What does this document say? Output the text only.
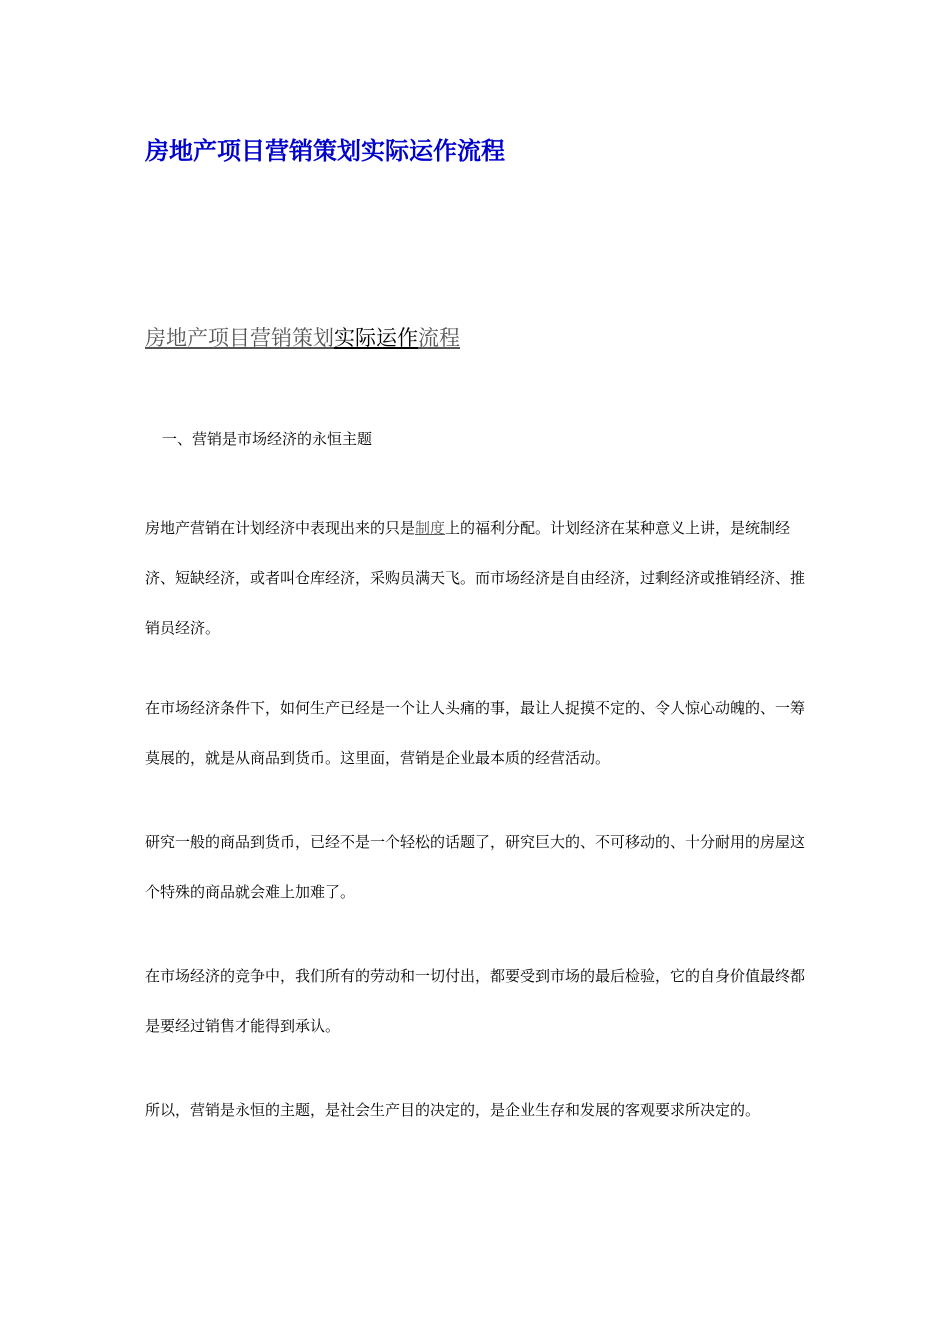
房地产项目营销策划实际运作流程
房地产项目营销策划实际运作流程

一、营销是市场经济的永恒主题

房地产营销在计划经济中表现出来的只是制度上的福利分配。计划经济在某种意义上讲，是统制经济、短缺经济，或者叫仓库经济，采购员满天飞。而市场经济是自由经济，过剩经济或推销经济、推销员经济。

在市场经济条件下，如何生产已经是一个让人头痛的事，最让人捉摸不定的、令人惊心动魄的、一筹莫展的，就是从商品到货币。这里面，营销是企业最本质的经营活动。

研究一般的商品到货币，已经不是一个轻松的话题了，研究巨大的、不可移动的、十分耐用的房屋这个特殊的商品就会难上加难了。

在市场经济的竞争中，我们所有的劳动和一切付出，都要受到市场的最后检验，它的自身价值最终都是要经过销售才能得到承认。

所以，营销是永恒的主题，是社会生产目的决定的，是企业生存和发展的客观要求所决定的。
